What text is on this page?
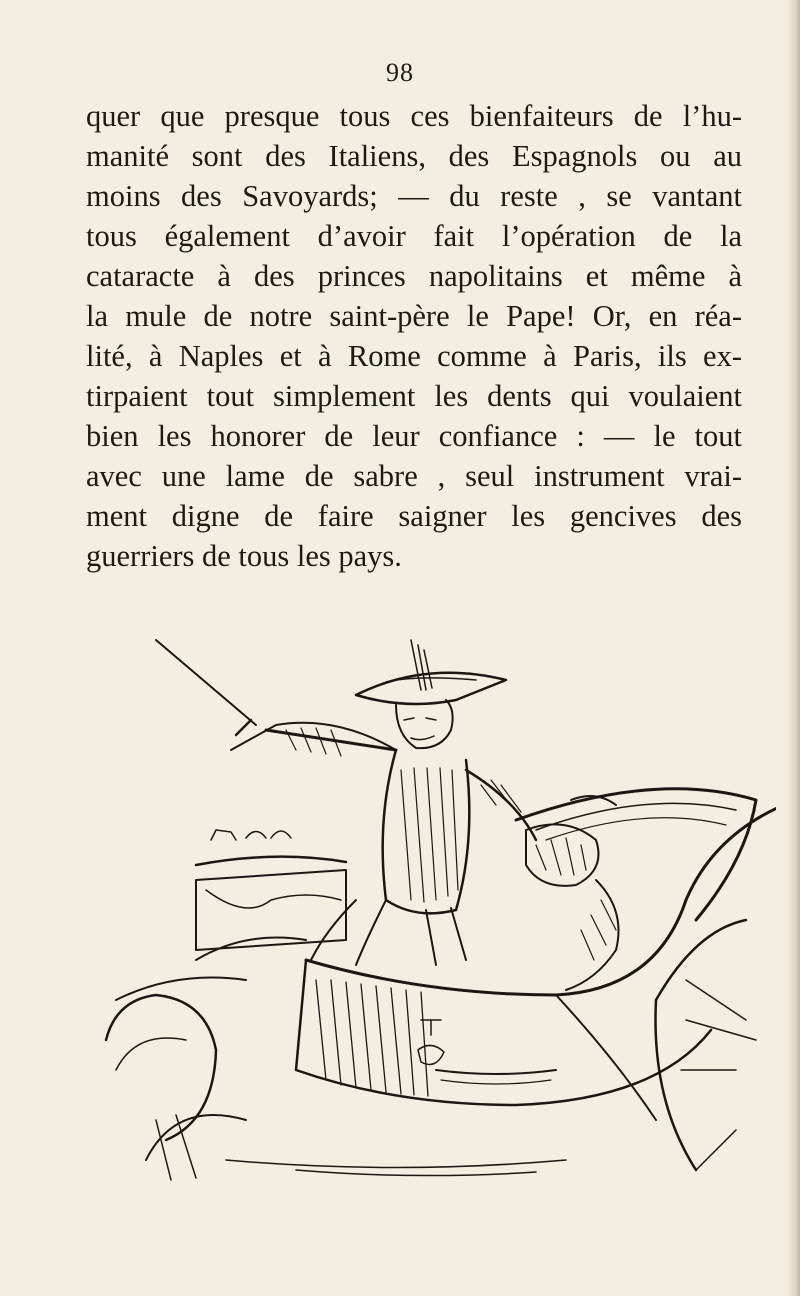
98
quer que presque tous ces bienfaiteurs de l’hu-
manité sont des Italiens, des Espagnols ou au
moins des Savoyards; — du reste , se vantant
tous également d’avoir fait l’opération de la
cataracte à des princes napolitains et même à
la mule de notre saint-père le Pape! Or, en réa-
lité, à Naples et à Rome comme à Paris, ils ex-
tirpaient tout simplement les dents qui voulaient
bien les honorer de leur confiance : — le tout
avec une lame de sabre , seul instrument vrai-
ment digne de faire saigner les gencives des
guerriers de tous les pays.
